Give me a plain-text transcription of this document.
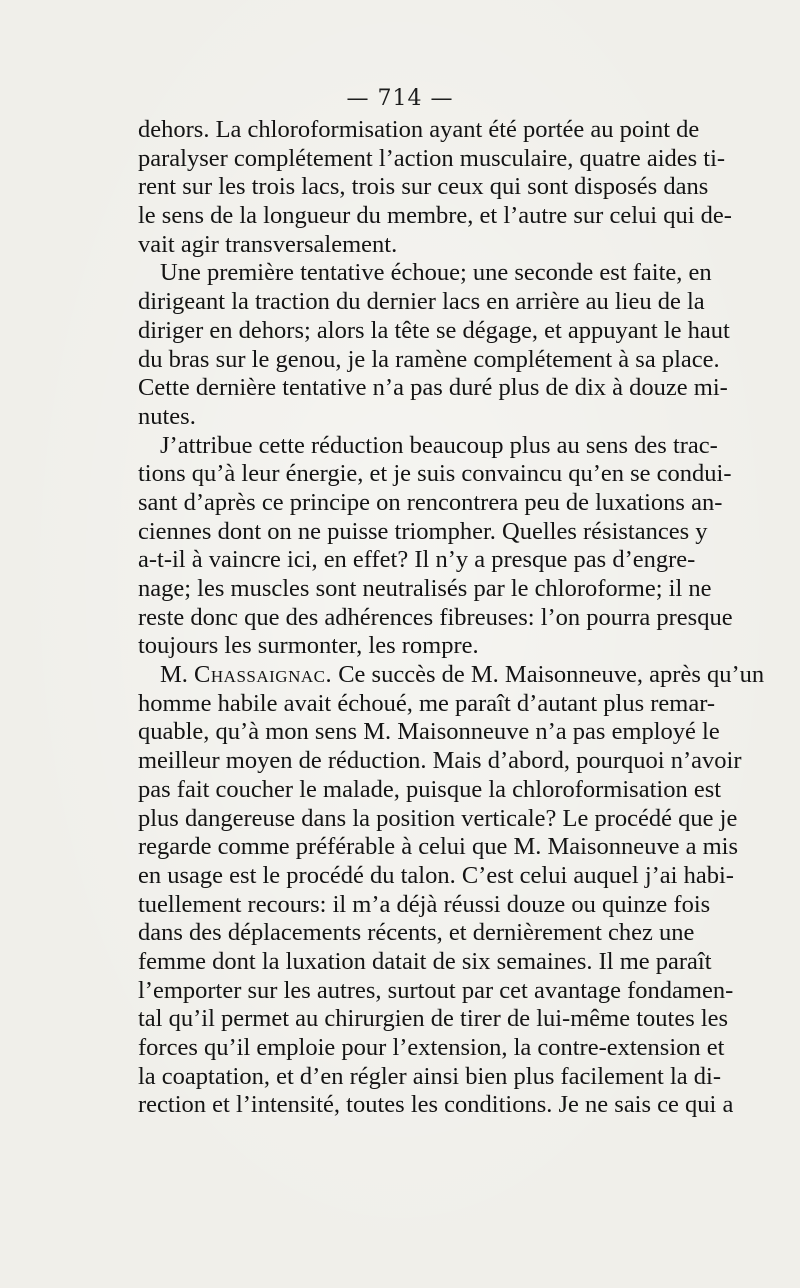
— 714 —
dehors. La chloroformisation ayant été portée au point de
paralyser complétement l’action musculaire, quatre aides ti-
rent sur les trois lacs, trois sur ceux qui sont disposés dans
le sens de la longueur du membre, et l’autre sur celui qui de-
vait agir transversalement.
Une première tentative échoue; une seconde est faite, en
dirigeant la traction du dernier lacs en arrière au lieu de la
diriger en dehors; alors la tête se dégage, et appuyant le haut
du bras sur le genou, je la ramène complétement à sa place.
Cette dernière tentative n’a pas duré plus de dix à douze mi-
nutes.
J’attribue cette réduction beaucoup plus au sens des trac-
tions qu’à leur énergie, et je suis convaincu qu’en se condui-
sant d’après ce principe on rencontrera peu de luxations an-
ciennes dont on ne puisse triompher. Quelles résistances y
a-t-il à vaincre ici, en effet? Il n’y a presque pas d’engre-
nage; les muscles sont neutralisés par le chloroforme; il ne
reste donc que des adhérences fibreuses: l’on pourra presque
toujours les surmonter, les rompre.
M. Chassaignac. Ce succès de M. Maisonneuve, après qu’un
homme habile avait échoué, me paraît d’autant plus remar-
quable, qu’à mon sens M. Maisonneuve n’a pas employé le
meilleur moyen de réduction. Mais d’abord, pourquoi n’avoir
pas fait coucher le malade, puisque la chloroformisation est
plus dangereuse dans la position verticale? Le procédé que je
regarde comme préférable à celui que M. Maisonneuve a mis
en usage est le procédé du talon. C’est celui auquel j’ai habi-
tuellement recours: il m’a déjà réussi douze ou quinze fois
dans des déplacements récents, et dernièrement chez une
femme dont la luxation datait de six semaines. Il me paraît
l’emporter sur les autres, surtout par cet avantage fondamen-
tal qu’il permet au chirurgien de tirer de lui-même toutes les
forces qu’il emploie pour l’extension, la contre-extension et
la coaptation, et d’en régler ainsi bien plus facilement la di-
rection et l’intensité, toutes les conditions. Je ne sais ce qui a
